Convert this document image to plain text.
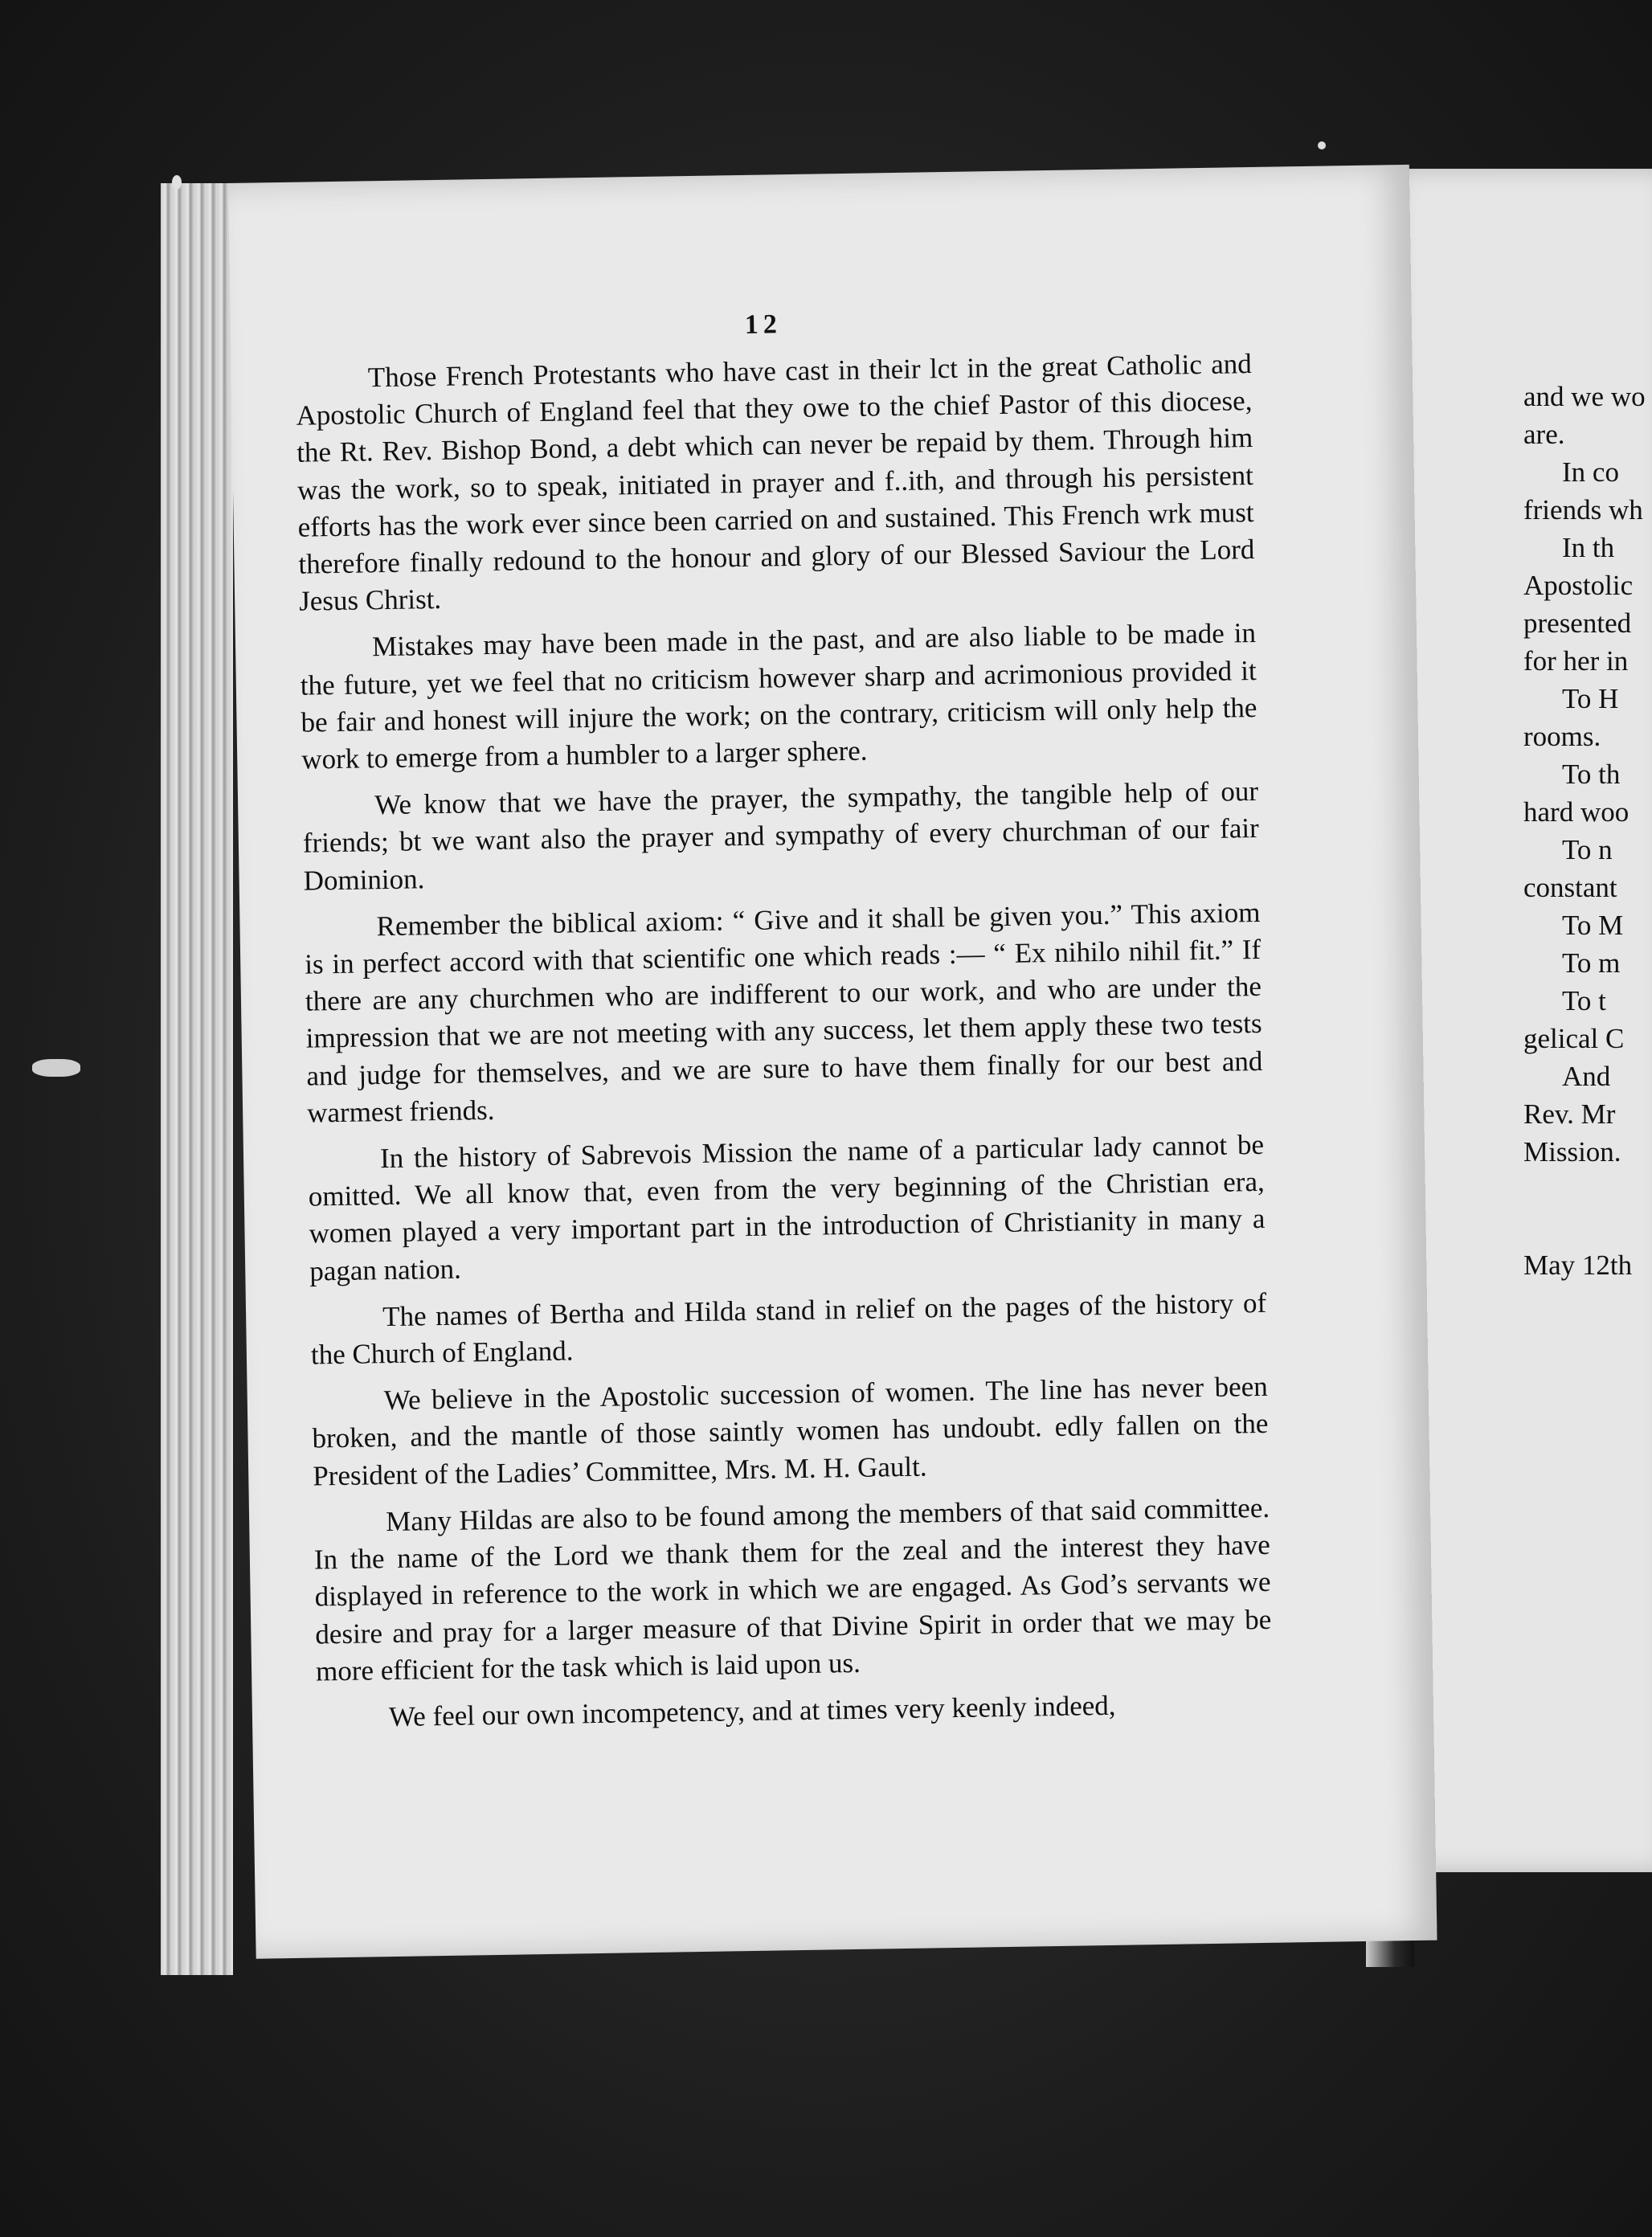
12

Those French Protestants who have cast in their lct in the great Catholic and Apostolic Church of England feel that they owe to the chief Pastor of this diocese, the Rt. Rev. Bishop Bond, a debt which can never be repaid by them. Through him was the work, so to speak, initiated in prayer and f..ith, and through his persistent efforts has the work ever since been carried on and sustained. This French wrk must therefore finally redound to the honour and glory of our Blessed Saviour the Lord Jesus Christ.

Mistakes may have been made in the past, and are also liable to be made in the future, yet we feel that no criticism however sharp and acrimonious provided it be fair and honest will injure the work; on the contrary, criticism will only help the work to emerge from a humbler to a larger sphere.

We know that we have the prayer, the sympathy, the tangible help of our friends; bt we want also the prayer and sympathy of every churchman of our fair Dominion.

Remember the biblical axiom: “ Give and it shall be given you.” This axiom is in perfect accord with that scientific one which reads :— “ Ex nihilo nihil fit.” If there are any churchmen who are indifferent to our work, and who are under the impression that we are not meeting with any success, let them apply these two tests and judge for themselves, and we are sure to have them finally for our best and warmest friends.

In the history of Sabrevois Mission the name of a particular lady cannot be omitted. We all know that, even from the very beginning of the Christian era, women played a very important part in the introduction of Christianity in many a pagan nation.

The names of Bertha and Hilda stand in relief on the pages of the history of the Church of England.

We believe in the Apostolic succession of women. The line has never been broken, and the mantle of those saintly women has undoubt. edly fallen on the President of the Ladies’ Committee, Mrs. M. H. Gault.

Many Hildas are also to be found among the members of that said committee. In the name of the Lord we thank them for the zeal and the interest they have displayed in reference to the work in which we are engaged. As God’s servants we desire and pray for a larger measure of that Divine Spirit in order that we may be more efficient for the task which is laid upon us.

We feel our own incompetency, and at times very keenly indeed,

and we wo
are.
In co
friends wh
In th
Apostolic
presented
for her in
To H
rooms.
To th
hard woo
To n
constant
To M
To m
To t
gelical C
And
Rev. Mr
Mission.
May 12th
